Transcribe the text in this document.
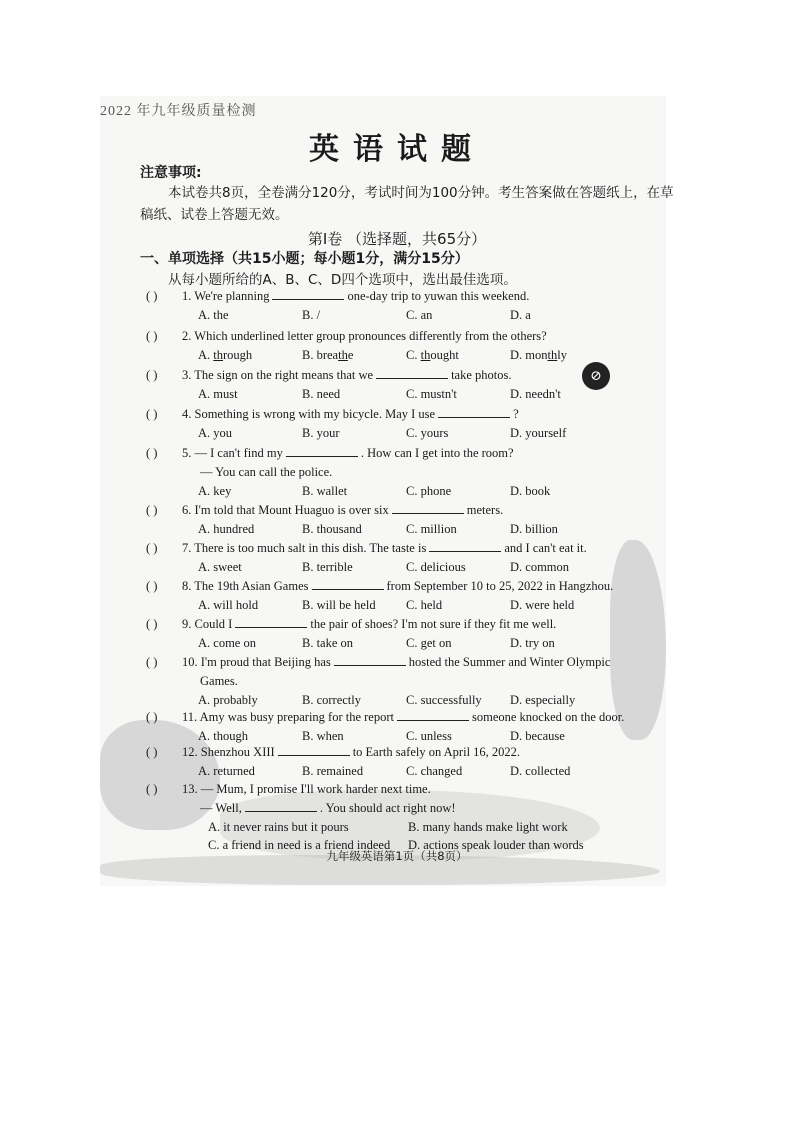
2022 年九年级质量检测
英语试题
注意事项:
本试卷共8页，全卷满分120分，考试时间为100分钟。考生答案做在答题纸上，在草稿纸、试卷上答题无效。
第Ⅰ卷 （选择题，共65分）
一、单项选择（共15小题；每小题1分，满分15分）
从每小题所给的A、B、C、D四个选项中，选出最佳选项。
⊘
( ) 1. We're planning	one-day trip to yuwan this weekend.
A. the	B. /	C. an	D. a
( ) 2. Which underlined letter group pronounces differently from the others?
A. through	B. breathe	C. thought	D. monthly
( ) 3. The sign on the right means that we	take photos.
A. must	B. need	C. mustn't	D. needn't
( ) 4. Something is wrong with my bicycle. May I use	?
A. you	B. your	C. yours	D. yourself
( ) 5. — I can't find my	. How can I get into the room?
— You can call the police.
A. key	B. wallet	C. phone	D. book
( ) 6. I'm told that Mount Huaguo is over six	meters.
A. hundred	B. thousand	C. million	D. billion
( ) 7. There is too much salt in this dish. The taste is	and I can't eat it.
A. sweet	B. terrible	C. delicious	D. common
( ) 8. The 19th Asian Games	from September 10 to 25, 2022 in Hangzhou.
A. will hold	B. will be held C. held	D. were held
( ) 9. Could I	the pair of shoes? I'm not sure if they fit me well.
A. come on	B. take on	C. get on	D. try on
( ) 10. I'm proud that Beijing has	hosted the Summer and Winter Olympic
Games.
A. probably	B. correctly	C. successfully D. especially
( ) 11. Amy was busy preparing for the report	someone knocked on the door.
A. though	B. when	C. unless	D. because
( ) 12. Shenzhou XIII	to Earth safely on April 16, 2022.
A. returned	B. remained	C. changed	D. collected
( ) 13. — Mum, I promise I'll work harder next time.
— Well,	. You should act right now!
A. it never rains but it pours	B. many hands make light work
C. a friend in need is a friend indeed D. actions speak louder than words
九年级英语第1页（共8页）
